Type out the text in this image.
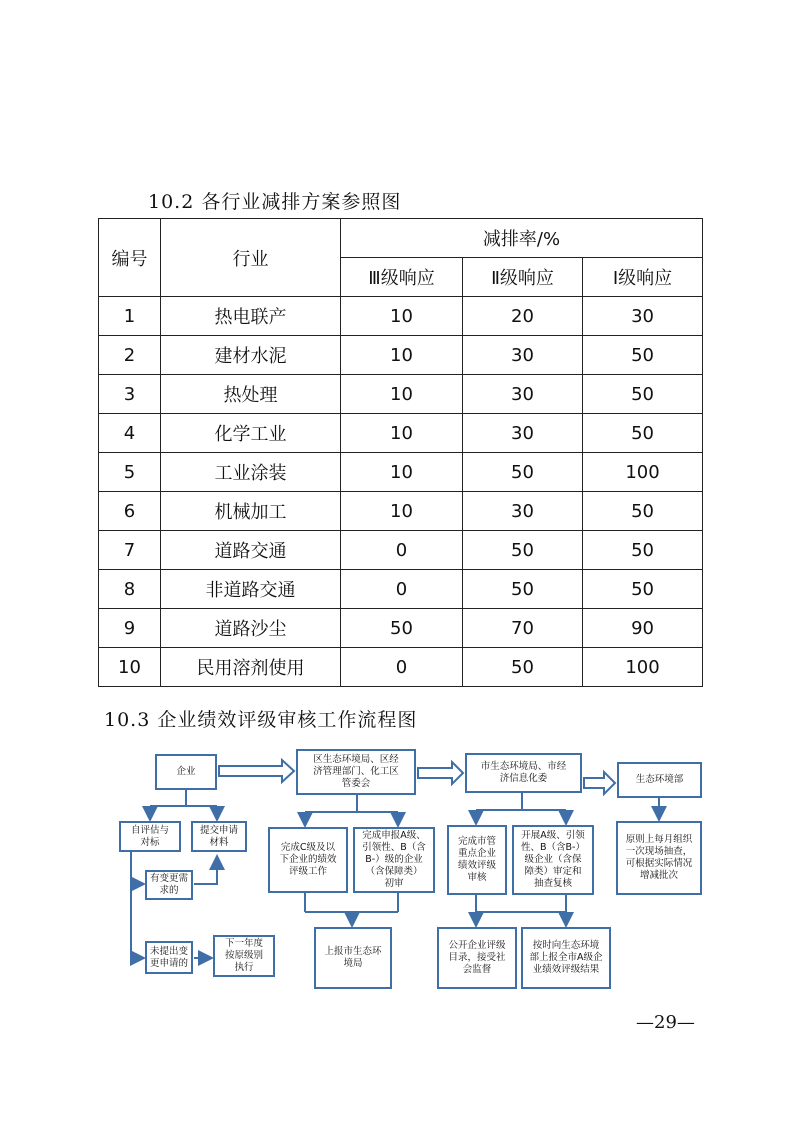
10.2 各行业减排方案参照图
编号	行业	减排率/%		
		Ⅲ级响应	Ⅱ级响应	Ⅰ级响应
1	热电联产	10	20	30
2	建材水泥	10	30	50
3	热处理	10	30	50
4	化学工业	10	30	50
5	工业涂装	10	50	100
6	机械加工	10	30	50
7	道路交通	0	50	50
8	非道路交通	0	50	50
9	道路沙尘	50	70	90
10	民用溶剂使用	0	50	100
10.3 企业绩效评级审核工作流程图
企业
区生态环境局、区经
济管理部门、化工区
管委会
市生态环境局、市经
济信息化委	生态环境部
自评估与
对标
提交申请
材料
有变更需
求的
未提出变
更申请的
下一年度
按原级别
执行
完成C级及以
下企业的绩效
评级工作
完成申报A级、
引领性、B（含
B-）级的企业
（含保障类）
初审
上报市生态环
境局
完成市管
重点企业
绩效评级
审核
开展A级、引领
性、B（含B-）
级企业（含保
障类）审定和
抽查复核
公开企业评级
目录，接受社
会监督
按时向生态环境
部上报全市A级企
业绩效评级结果
原则上每月组织
一次现场抽查，
可根据实际情况
增减批次
—29—
